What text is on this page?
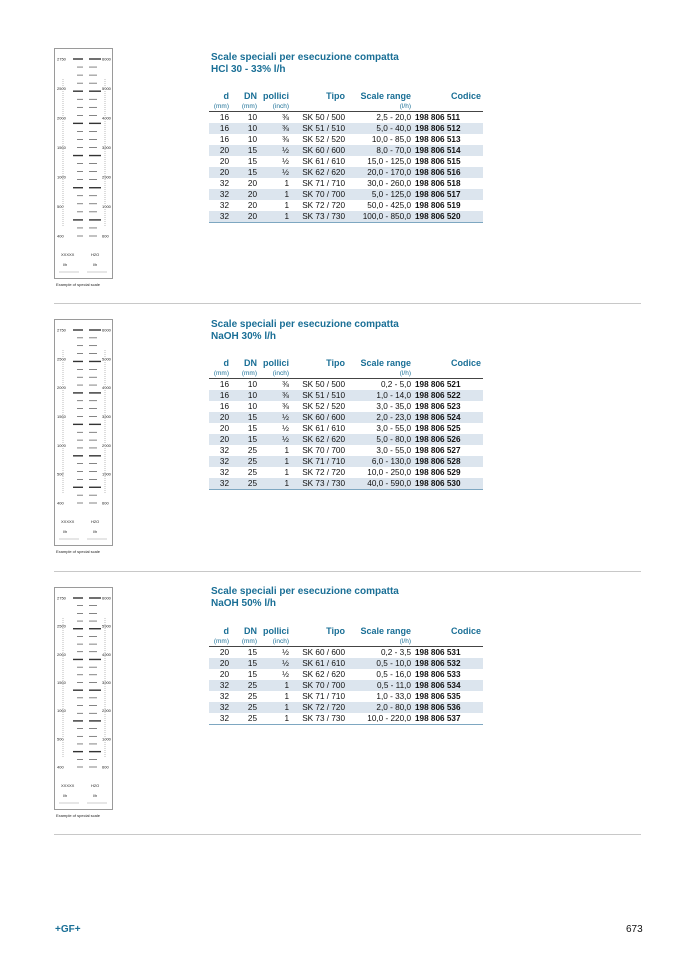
2750
2500
2000
1500
1000
500
400
6000
5000
4000
3000
2000
1000
600
XXXXX	H2O
l/h	l/h
Example of special scale
Scale speciali per esecuzione compatta
HCl 30 - 33% l/h
d	DN	pollici	Tipo	Scale range	Codice
(mm)	(mm)	(inch)		(l/h)	
16	10	⅜	SK 50 / 500	2,5 - 20,0	198 806 511
16	10	⅜	SK 51 / 510	5,0 - 40,0	198 806 512
16	10	⅜	SK 52 / 520	10,0 - 85,0	198 806 513
20	15	½	SK 60 / 600	8,0 - 70,0	198 806 514
20	15	½	SK 61 / 610	15,0 - 125,0	198 806 515
20	15	½	SK 62 / 620	20,0 - 170,0	198 806 516
32	20	1	SK 71 / 710	30,0 - 260,0	198 806 518
32	20	1	SK 70 / 700	5,0 - 125,0	198 806 517
32	20	1	SK 72 / 720	50,0 - 425,0	198 806 519
32	20	1	SK 73 / 730	100,0 - 850,0	198 806 520
2750
2500
2000
1500
1000
500
400
6000
5000
4000
3000
2000
1000
600
XXXXX	H2O
l/h	l/h
Example of special scale
Scale speciali per esecuzione compatta
NaOH 30% l/h
d	DN	pollici	Tipo	Scale range	Codice
(mm)	(mm)	(inch)		(l/h)	
16	10	⅜	SK 50 / 500	0,2 - 5,0	198 806 521
16	10	⅜	SK 51 / 510	1,0 - 14,0	198 806 522
16	10	⅜	SK 52 / 520	3,0 - 35,0	198 806 523
20	15	½	SK 60 / 600	2,0 - 23,0	198 806 524
20	15	½	SK 61 / 610	3,0 - 55,0	198 806 525
20	15	½	SK 62 / 620	5,0 - 80,0	198 806 526
32	25	1	SK 70 / 700	3,0 - 55,0	198 806 527
32	25	1	SK 71 / 710	6,0 - 130,0	198 806 528
32	25	1	SK 72 / 720	10,0 - 250,0	198 806 529
32	25	1	SK 73 / 730	40,0 - 590,0	198 806 530
2750
2500
2000
1500
1000
500
400
6000
5000
4000
3000
2000
1000
600
XXXXX	H2O
l/h	l/h
Example of special scale
Scale speciali per esecuzione compatta
NaOH 50% l/h
d	DN	pollici	Tipo	Scale range	Codice
(mm)	(mm)	(inch)		(l/h)	
20	15	½	SK 60 / 600	0,2 - 3,5	198 806 531
20	15	½	SK 61 / 610	0,5 - 10,0	198 806 532
20	15	½	SK 62 / 620	0,5 - 16,0	198 806 533
32	25	1	SK 70 / 700	0,5 - 11,0	198 806 534
32	25	1	SK 71 / 710	1,0 - 33,0	198 806 535
32	25	1	SK 72 / 720	2,0 - 80,0	198 806 536
32	25	1	SK 73 / 730	10,0 - 220,0	198 806 537
+GF+	673
